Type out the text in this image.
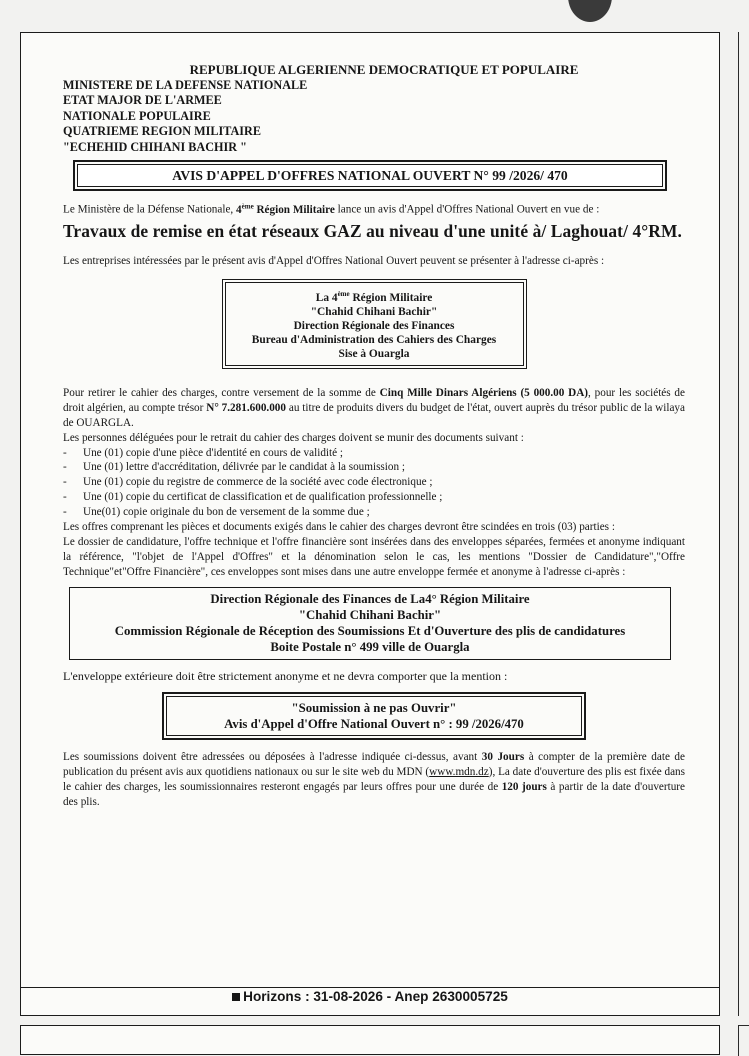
REPUBLIQUE ALGERIENNE DEMOCRATIQUE ET POPULAIRE

MINISTERE DE LA DEFENSE NATIONALE

ETAT MAJOR DE L'ARMEE

NATIONALE POPULAIRE

QUATRIEME REGION MILITAIRE

"ECHEHID CHIHANI BACHIR "

AVIS D'APPEL D'OFFRES NATIONAL OUVERT N° 99 /2026/ 470

Le Ministère de la Défense Nationale, 4ème Région Militaire lance un avis d'Appel d'Offres National Ouvert en vue de :

Travaux de remise en état réseaux GAZ au niveau d'une unité à/ Laghouat/ 4°RM.

Les entreprises intéressées par le présent avis d'Appel d'Offres National Ouvert peuvent se présenter à l'adresse ci-après :

La 4ème Région Militaire
"Chahid Chihani Bachir"
Direction Régionale des Finances
Bureau d'Administration des Cahiers des Charges
Sise à Ouargla

Pour retirer le cahier des charges, contre versement de la somme de Cinq Mille Dinars Algériens (5 000.00 DA), pour les sociétés de droit algérien, au compte trésor N° 7.281.600.000 au titre de produits divers du budget de l'état, ouvert auprès du trésor public de la wilaya de OUARGLA.

Les personnes déléguées pour le retrait du cahier des charges doivent se munir des documents suivant :

- Une (01) copie d'une pièce d'identité en cours de validité ;
- Une (01) lettre d'accréditation, délivrée par le candidat à la soumission ;
- Une (01) copie du registre de commerce de la société avec code électronique ;
- Une (01) copie du certificat de classification et de qualification professionnelle ;
- Une(01) copie originale du bon de versement de la somme due ;

Les offres comprenant les pièces et documents exigés dans le cahier des charges devront être scindées en trois (03) parties :

Le dossier de candidature, l'offre technique et l'offre financière sont insérées dans des enveloppes séparées, fermées et anonyme indiquant la référence, "l'objet de l'Appel d'Offres" et la dénomination selon le cas, les mentions "Dossier de Candidature","Offre Technique"et"Offre Financière", ces enveloppes sont mises dans une autre enveloppe fermée et anonyme à l'adresse ci-après :

Direction Régionale des Finances de La4° Région Militaire
"Chahid Chihani Bachir"
Commission Régionale de Réception des Soumissions Et d'Ouverture des plis de candidatures
Boite Postale n° 499 ville de Ouargla

L'enveloppe extérieure doit être strictement anonyme et ne devra comporter que la mention :

"Soumission à ne pas Ouvrir"
Avis d'Appel d'Offre National Ouvert n° : 99 /2026/470

Les soumissions doivent être adressées ou déposées à l'adresse indiquée ci-dessus, avant 30 Jours à compter de la première date de publication du présent avis aux quotidiens nationaux ou sur le site web du MDN (www.mdn.dz), La date d'ouverture des plis est fixée dans le cahier des charges, les soumissionnaires resteront engagés par leurs offres pour une durée de 120 jours à partir de la date d'ouverture des plis.

Horizons : 31-08-2026 - Anep 2630005725
